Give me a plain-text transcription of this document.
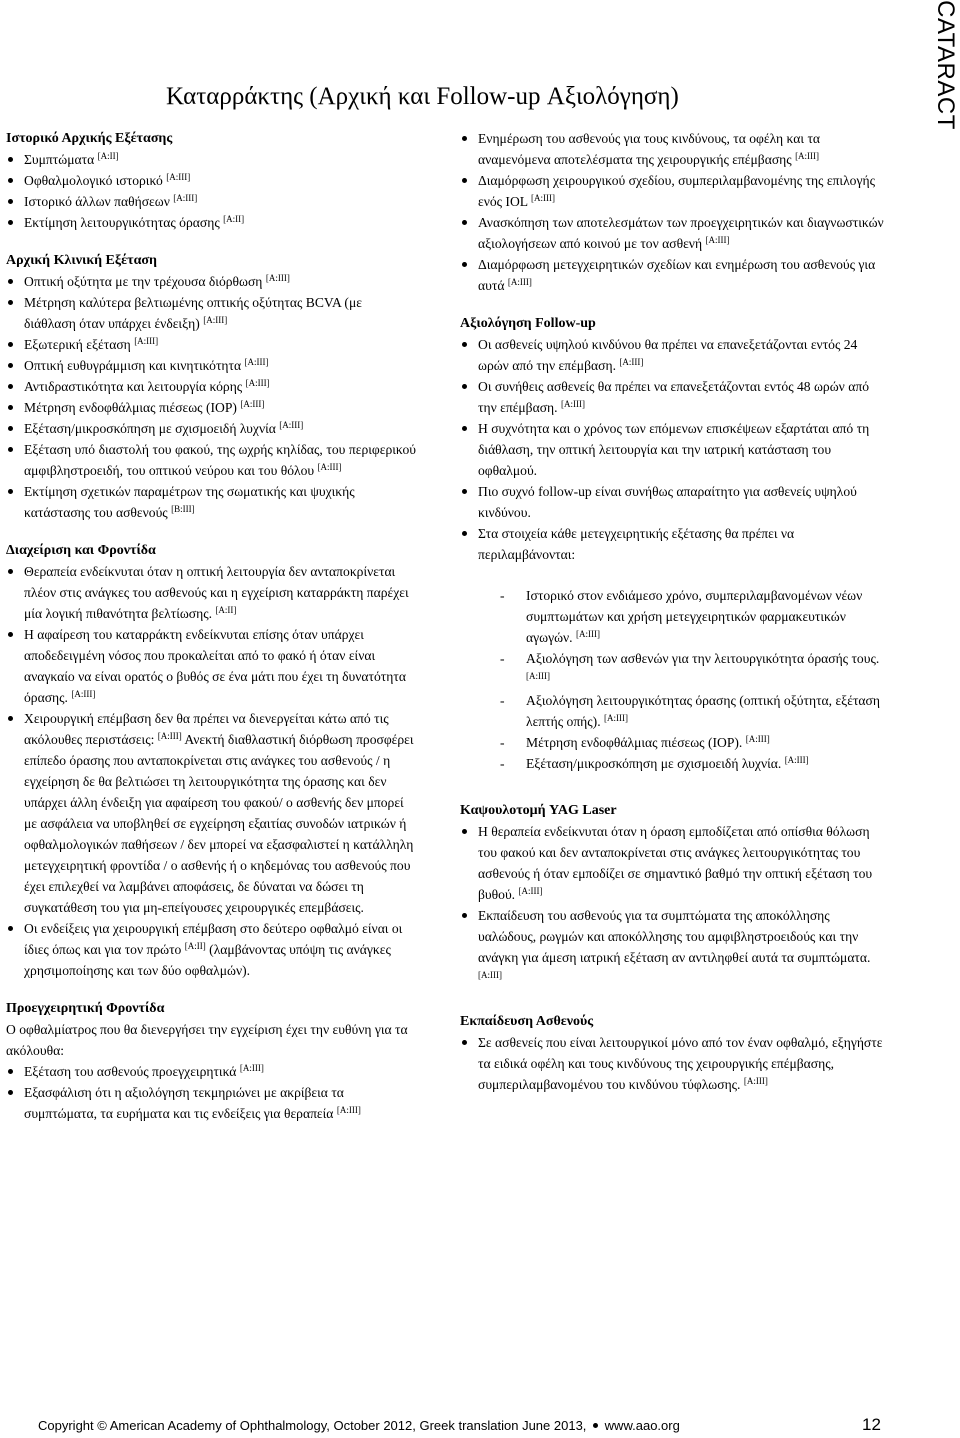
Καταρράκτης (Αρχική και Follow-up Αξιολόγηση)	CATARACT

Ιστορικό Αρχικής Εξέτασης

Συμπτώματα [A:II]
Οφθαλμολογικό ιστορικό [A:III]
Ιστορικό άλλων παθήσεων [A:III]
Εκτίμηση λειτουργικότητας όρασης [A:II]

Αρχική Κλινική Εξέταση

Οπτική οξύτητα με την τρέχουσα διόρθωση [A:III]
Μέτρηση καλύτερα βελτιωμένης οπτικής οξύτητας BCVA (με διάθλαση όταν υπάρχει ένδειξη) [A:III]
Εξωτερική εξέταση [A:III]
Οπτική ευθυγράμμιση και κινητικότητα [A:III]
Αντιδραστικότητα και λειτουργία κόρης [A:III]
Μέτρηση ενδοφθάλμιας πιέσεως (IOP) [A:III]
Εξέταση/μικροσκόπηση με σχισμοειδή λυχνία [A:III]
Εξέταση υπό διαστολή του φακού, της ωχρής κηλίδας, του περιφερικού αμφιβληστροειδή, του οπτικού νεύρου και του θόλου [A:III]
Εκτίμηση σχετικών παραμέτρων της σωματικής και ψυχικής κατάστασης του ασθενούς [B:III]

Διαχείριση και Φροντίδα

Θεραπεία ενδείκνυται όταν η οπτική λειτουργία δεν ανταποκρίνεται πλέον στις ανάγκες του ασθενούς και η εγχείριση καταρράκτη παρέχει μία λογική πιθανότητα βελτίωσης. [A:II]
Η αφαίρεση του καταρράκτη ενδείκνυται επίσης όταν υπάρχει αποδεδειγμένη νόσος που προκαλείται από το φακό ή όταν είναι αναγκαίο να είναι ορατός ο βυθός σε ένα μάτι που έχει τη δυνατότητα όρασης. [A:III]
Χειρουργική επέμβαση δεν θα πρέπει να διενεργείται κάτω από τις ακόλουθες περιστάσεις: [A:III] Ανεκτή διαθλαστική διόρθωση προσφέρει επίπεδο όρασης που ανταποκρίνεται στις ανάγκες του ασθενούς / η εγχείρηση δε θα βελτιώσει τη λειτουργικότητα της όρασης και δεν υπάρχει άλλη ένδειξη για αφαίρεση του φακού/ ο ασθενής δεν μπορεί με ασφάλεια να υποβληθεί σε εγχείρηση εξαιτίας συνοδών ιατρικών ή οφθαλμολογικών παθήσεων / δεν μπορεί να εξασφαλιστεί η κατάλληλη μετεγχειρητική φροντίδα / ο ασθενής ή ο κηδεμόνας του ασθενούς που έχει επιλεχθεί να λαμβάνει αποφάσεις, δε δύναται να δώσει τη συγκατάθεση του για μη-επείγουσες χειρουργικές επεμβάσεις.
Οι ενδείξεις για χειρουργική επέμβαση στο δεύτερο οφθαλμό είναι οι ίδιες όπως και για τον πρώτο [A:II] (λαμβάνοντας υπόψη τις ανάγκες χρησιμοποίησης και των δύο οφθαλμών).

Προεγχειρητική Φροντίδα

Ο οφθαλμίατρος που θα διενεργήσει την εγχείριση έχει την ευθύνη για τα ακόλουθα:

Εξέταση του ασθενούς προεγχειρητικά [A:III]
Εξασφάλιση ότι η αξιολόγηση τεκμηριώνει με ακρίβεια τα συμπτώματα, τα ευρήματα και τις ενδείξεις για θεραπεία [A:III]
Ενημέρωση του ασθενούς για τους κινδύνους, τα οφέλη και τα αναμενόμενα αποτελέσματα της χειρουργικής επέμβασης [A:III]
Διαμόρφωση χειρουργικού σχεδίου, συμπεριλαμβανομένης της επιλογής ενός IOL [A:III]
Ανασκόπηση των αποτελεσμάτων των προεγχειρητικών και διαγνωστικών αξιολογήσεων από κοινού με τον ασθενή [A:III]
Διαμόρφωση μετεγχειρητικών σχεδίων και ενημέρωση του ασθενούς για αυτά [A:III]

Αξιολόγηση Follow-up

Οι ασθενείς υψηλού κινδύνου θα πρέπει να επανεξετάζονται εντός 24 ωρών από την επέμβαση. [A:III]
Οι συνήθεις ασθενείς θα πρέπει να επανεξετάζονται εντός 48 ωρών από την επέμβαση. [A:III]
Η συχνότητα και ο χρόνος των επόμενων επισκέψεων εξαρτάται από τη διάθλαση, την οπτική λειτουργία και την ιατρική κατάσταση του οφθαλμού.
Πιο συχνό follow-up είναι συνήθως απαραίτητο για ασθενείς υψηλού κινδύνου.
Στα στοιχεία κάθε μετεγχειρητικής εξέτασης θα πρέπει να περιλαμβάνονται:
- Ιστορικό στον ενδιάμεσο χρόνο, συμπεριλαμβανομένων νέων συμπτωμάτων και χρήση μετεγχειρητικών φαρμακευτικών αγωγών. [A:III]
- Αξιολόγηση των ασθενών για την λειτουργικότητα όρασής τους. [A:III]
- Αξιολόγηση λειτουργικότητας όρασης (οπτική οξύτητα, εξέταση λεπτής οπής). [A:III]
- Μέτρηση ενδοφθάλμιας πιέσεως (IOP). [A:III]
- Εξέταση/μικροσκόπηση με σχισμοειδή λυχνία. [A:III]

Καψουλοτομή YAG Laser

Η θεραπεία ενδείκνυται όταν η όραση εμποδίζεται από οπίσθια θόλωση του φακού και δεν ανταποκρίνεται στις ανάγκες λειτουργικότητας του ασθενούς ή όταν εμποδίζει σε σημαντικό βαθμό την οπτική εξέταση του βυθού. [A:III]
Εκπαίδευση του ασθενούς για τα συμπτώματα της αποκόλλησης υαλώδους, ρωγμών και αποκόλλησης του αμφιβληστροειδούς και την ανάγκη για άμεση ιατρική εξέταση αν αντιληφθεί αυτά τα συμπτώματα. [A:III]

Εκπαίδευση Ασθενούς

Σε ασθενείς που είναι λειτουργικοί μόνο από τον έναν οφθαλμό, εξηγήστε τα ειδικά οφέλη και τους κινδύνους της χειρουργικής επέμβασης, συμπεριλαμβανομένου του κινδύνου τύφλωσης. [A:III]
Copyright © American Academy of Ophthalmology, October 2012, Greek translation June 2013, www.aao.org	12
